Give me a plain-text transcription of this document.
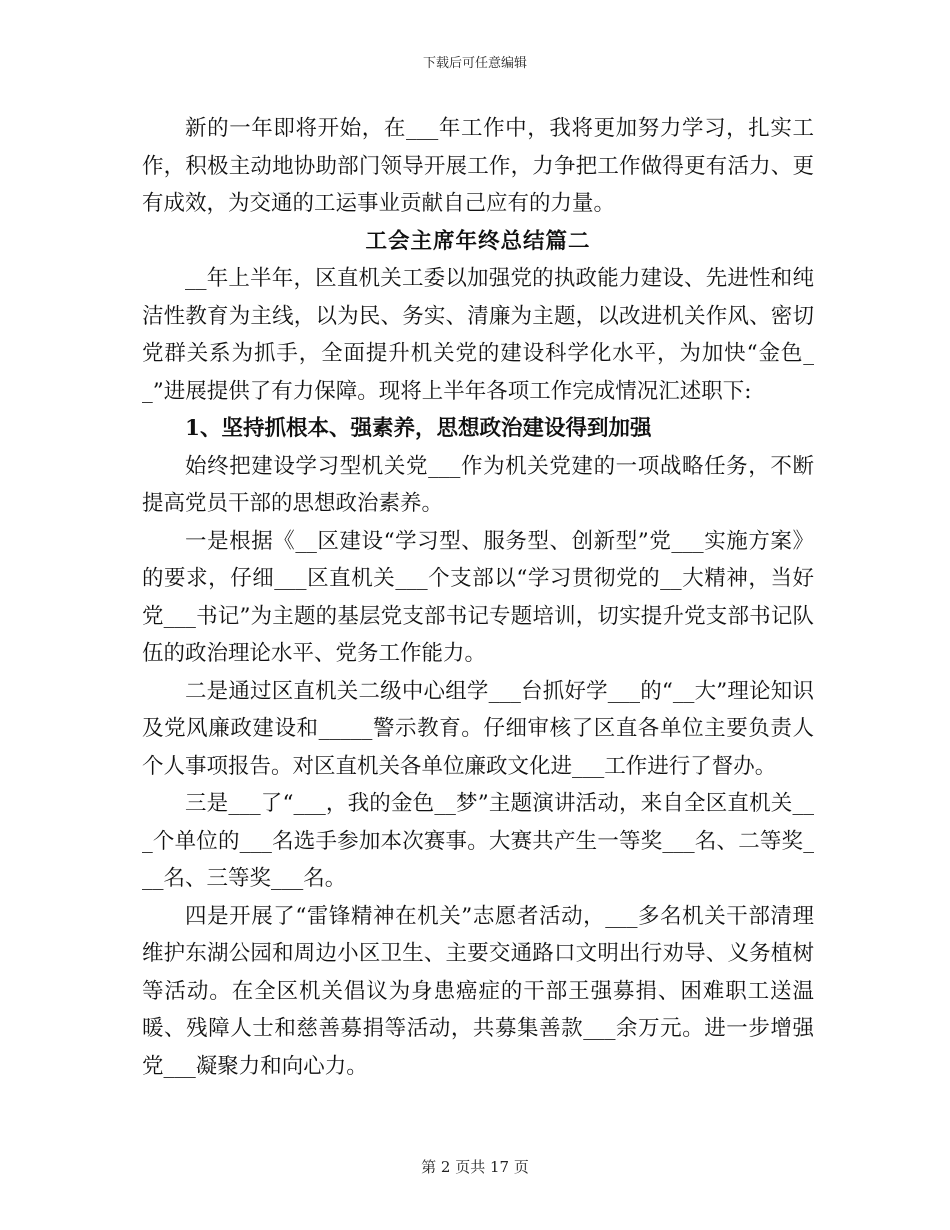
下载后可任意编辑

新的一年即将开始，在___年工作中，我将更加努力学习，扎实工作，积极主动地协助部门领导开展工作，力争把工作做得更有活力、更有成效，为交通的工运事业贡献自己应有的力量。

工会主席年终总结篇二

__年上半年，区直机关工委以加强党的执政能力建设、先进性和纯洁性教育为主线，以为民、务实、清廉为主题，以改进机关作风、密切党群关系为抓手，全面提升机关党的建设科学化水平，为加快“金色__”进展提供了有力保障。现将上半年各项工作完成情况汇述职下:

1、坚持抓根本、强素养，思想政治建设得到加强

始终把建设学习型机关党___作为机关党建的一项战略任务，不断提高党员干部的思想政治素养。

一是根据《__区建设“学习型、服务型、创新型”党___实施方案》的要求，仔细___区直机关___个支部以“学习贯彻党的__大精神，当好党___书记”为主题的基层党支部书记专题培训，切实提升党支部书记队伍的政治理论水平、党务工作能力。

二是通过区直机关二级中心组学___台抓好学___的“__大”理论知识及党风廉政建设和_____警示教育。仔细审核了区直各单位主要负责人个人事项报告。对区直机关各单位廉政文化进___工作进行了督办。

三是___了“___，我的金色__梦”主题演讲活动，来自全区直机关___个单位的___名选手参加本次赛事。大赛共产生一等奖___名、二等奖___名、三等奖___名。

四是开展了“雷锋精神在机关”志愿者活动，___多名机关干部清理维护东湖公园和周边小区卫生、主要交通路口文明出行劝导、义务植树等活动。在全区机关倡议为身患癌症的干部王强募捐、困难职工送温暖、残障人士和慈善募捐等活动，共募集善款___余万元。进一步增强党___凝聚力和向心力。

第 2 页共 17 页
